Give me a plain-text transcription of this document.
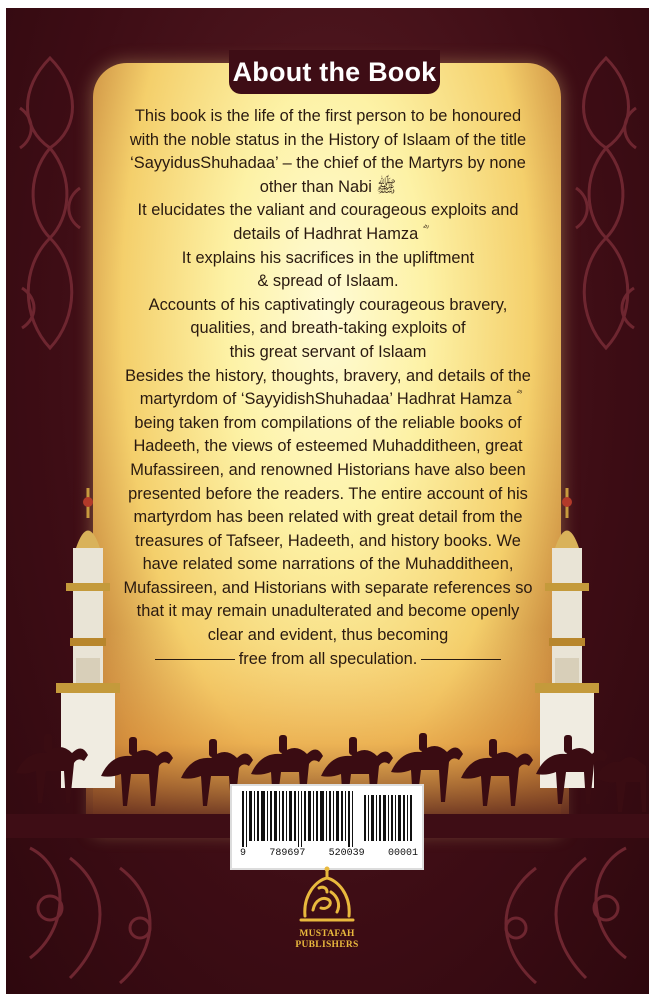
About the Book
This book is the life of the first person to be honoured
with the noble status in the History of Islaam of the title
‘SayyidusShuhadaa’ – the chief of the Martyrs by none
other than Nabi ﷺ
It elucidates the valiant and courageous exploits and
details of Hadhrat Hamza ؓ
It explains his sacrifices in the upliftment
& spread of Islaam.
Accounts of his captivatingly courageous bravery,
qualities, and breath-taking exploits of
this great servant of Islaam
Besides the history, thoughts, bravery, and details of the
martyrdom of ‘SayyidishShuhadaa’ Hadhrat Hamza ؓ
being taken from compilations of the reliable books of
Hadeeth, the views of esteemed Muhadditheen, great
Mufassireen, and renowned Historians have also been
presented before the readers. The entire account of his
martyrdom has been related with great detail from the
treasures of Tafseer, Hadeeth, and history books. We
have related some narrations of the Muhadditheen,
Mufassireen, and Historians with separate references so
that it may remain unadulterated and become openly
clear and evident, thus becoming
free from all speculation.
9 789697 520039 00001
MUSTAFAH
PUBLISHERS
